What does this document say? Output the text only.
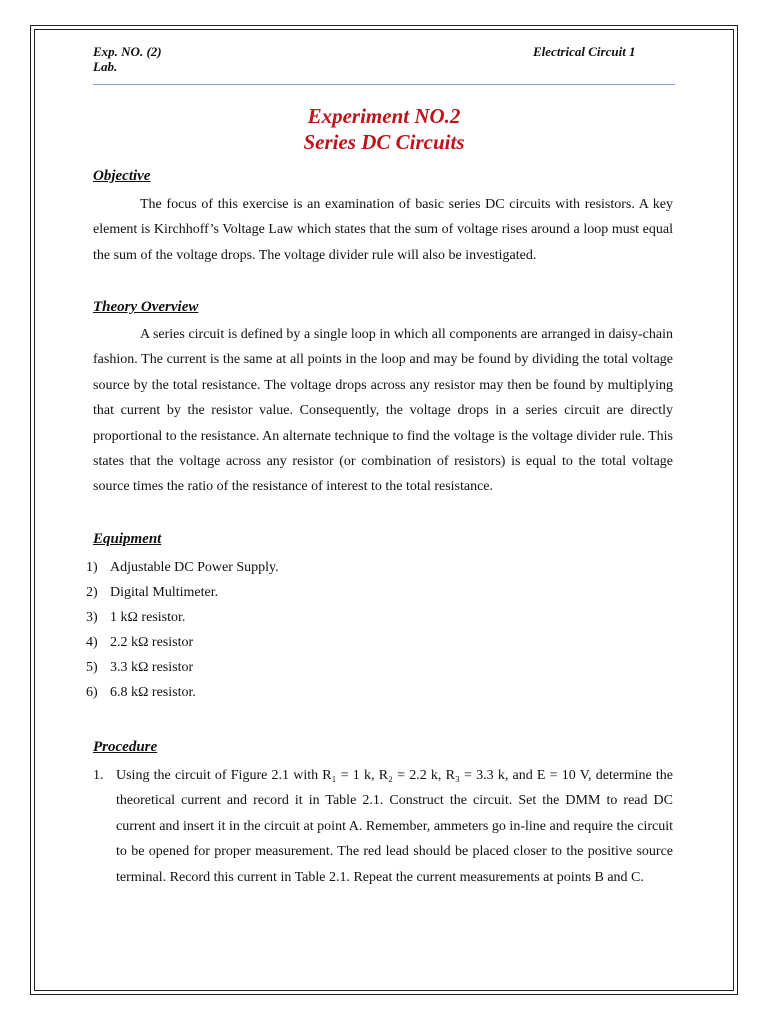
Exp. NO. (2)
Lab.
Electrical Circuit 1
Experiment NO.2
Series DC Circuits
Objective

The focus of this exercise is an examination of basic series DC circuits with resistors. A key element is Kirchhoff’s Voltage Law which states that the sum of voltage rises around a loop must equal the sum of the voltage drops. The voltage divider rule will also be investigated.

Theory Overview

A series circuit is defined by a single loop in which all components are arranged in daisy-chain fashion. The current is the same at all points in the loop and may be found by dividing the total voltage source by the total resistance. The voltage drops across any resistor may then be found by multiplying that current by the resistor value. Consequently, the voltage drops in a series circuit are directly proportional to the resistance. An alternate technique to find the voltage is the voltage divider rule. This states that the voltage across any resistor (or combination of resistors) is equal to the total voltage source times the ratio of the resistance of interest to the total resistance.

Equipment
1) Adjustable DC Power Supply.
2) Digital Multimeter.
3) 1 kΩ resistor.
4) 2.2 kΩ resistor
5) 3.3 kΩ resistor
6) 6.8 kΩ resistor.
Procedure
1. Using the circuit of Figure 2.1 with R₁ = 1 k, R₂ = 2.2 k, R₃ = 3.3 k, and E = 10 V, determine the theoretical current and record it in Table 2.1. Construct the circuit. Set the DMM to read DC current and insert it in the circuit at point A. Remember, ammeters go in-line and require the circuit to be opened for proper measurement. The red lead should be placed closer to the positive source terminal. Record this current in Table 2.1. Repeat the current measurements at points B and C.
